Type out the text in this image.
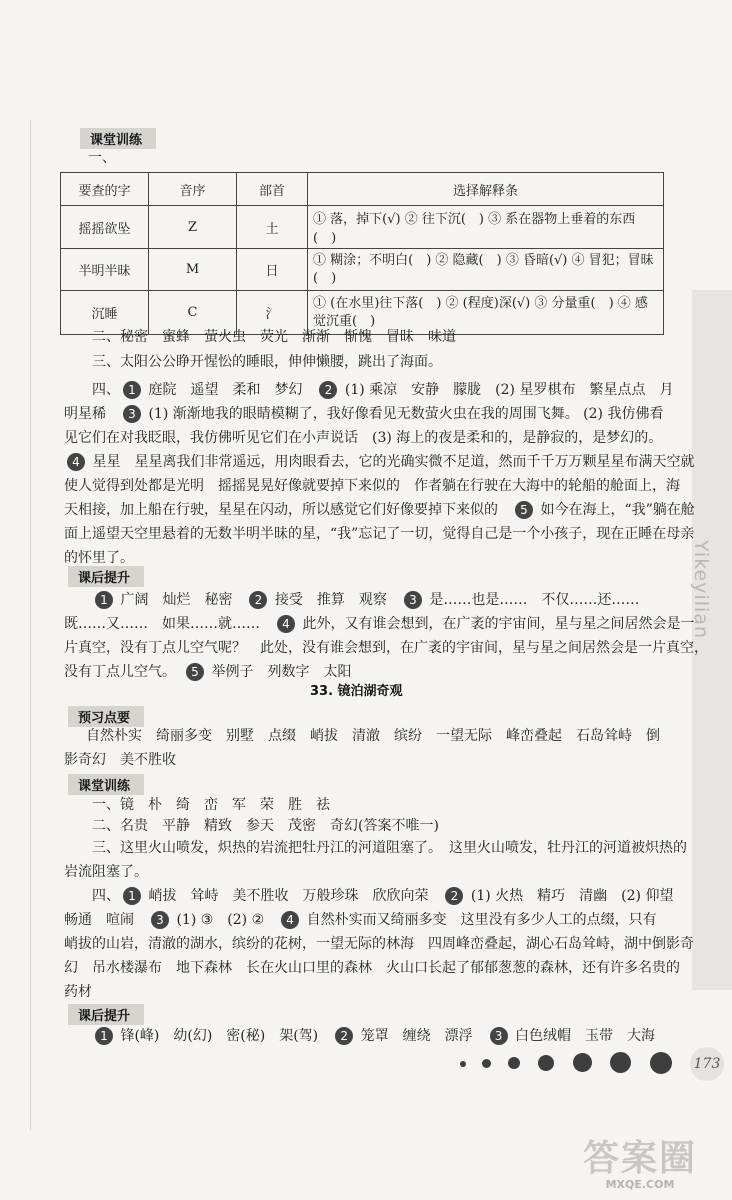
Yikeyilian
课堂训练
一、
要查的字	音序	部首	选择解释条
摇摇欲坠	Z	土	① 落，掉下(√) ② 往下沉(　) ③ 系在器物上垂着的东西(　)
半明半昧	M	日	① 糊涂；不明白(　) ② 隐藏(　) ③ 昏暗(√) ④ 冒犯；冒昧(　)
沉睡	C	氵	① (在水里)往下落(　) ② (程度)深(√) ③ 分量重(　) ④ 感觉沉重(　)
二、秘密　蜜蜂　萤火虫　荧光　渐渐　惭愧　冒昧　味道
三、太阳公公睁开惺忪的睡眼，伸伸懒腰，跳出了海面。
四、 1 庭院　遥望　柔和　梦幻　2 (1) 乘凉　安静　朦胧　(2) 星罗棋布　繁星点点　月
明星稀　3 (1) 渐渐地我的眼睛模糊了，我好像看见无数萤火虫在我的周围飞舞。 (2) 我仿佛看
见它们在对我眨眼，我仿佛听见它们在小声说话　(3) 海上的夜是柔和的，是静寂的，是梦幻的。
4 星星　星星离我们非常遥远，用肉眼看去，它的光确实微不足道，然而千千万万颗星星布满天空就
使人觉得到处都是光明　摇摇晃晃好像就要掉下来似的　作者躺在行驶在大海中的轮船的舱面上，海
天相接，加上船在行驶，星星在闪动，所以感觉它们好像要掉下来似的　5 如今在海上，“我”躺在舱
面上遥望天空里悬着的无数半明半昧的星，“我”忘记了一切，觉得自己是一个小孩子，现在正睡在母亲
的怀里了。
课后提升
1 广阔　灿烂　秘密　2 接受　推算　观察　3 是……也是……　不仅……还……
既……又……　如果……就……　4 此外，又有谁会想到，在广袤的宇宙间，星与星之间居然会是一
片真空，没有丁点儿空气呢？　此处，没有谁会想到，在广袤的宇宙间，星与星之间居然会是一片真空，
没有丁点儿空气。　5 举例子　列数字　太阳
33. 镜泊湖奇观
预习点要
自然朴实　绮丽多变　别墅　点缀　峭拔　清澈　缤纷　一望无际　峰峦叠起　石岛耸峙　倒
影奇幻　美不胜收
课堂训练
一、镜　朴　绮　峦　军　荣　胜　祛
二、名贵　平静　精致　参天　茂密　奇幻(答案不唯一)
三、这里火山喷发，炽热的岩流把牡丹江的河道阻塞了。　这里火山喷发，牡丹江的河道被炽热的
岩流阻塞了。
四、 1 峭拔　耸峙　美不胜收　万般珍珠　欣欣向荣　2 (1) 火热　精巧　清幽　(2) 仰望
畅通　喧闹　3 (1) ③　(2) ②　4 自然朴实而又绮丽多变　这里没有多少人工的点缀，只有
峭拔的山岩，清澈的湖水，缤纷的花树，一望无际的林海　四周峰峦叠起，湖心石岛耸峙，湖中倒影奇
幻　吊水楼瀑布　地下森林　长在火山口里的森林　火山口长起了郁郁葱葱的森林，还有许多名贵的
药材
课后提升
1 锋(峰)　幼(幻)　密(秘)　架(驾)　2 笼罩　缠绕　漂浮　3 白色绒帽　玉带　大海
173
答案圈
MXQE.COM
